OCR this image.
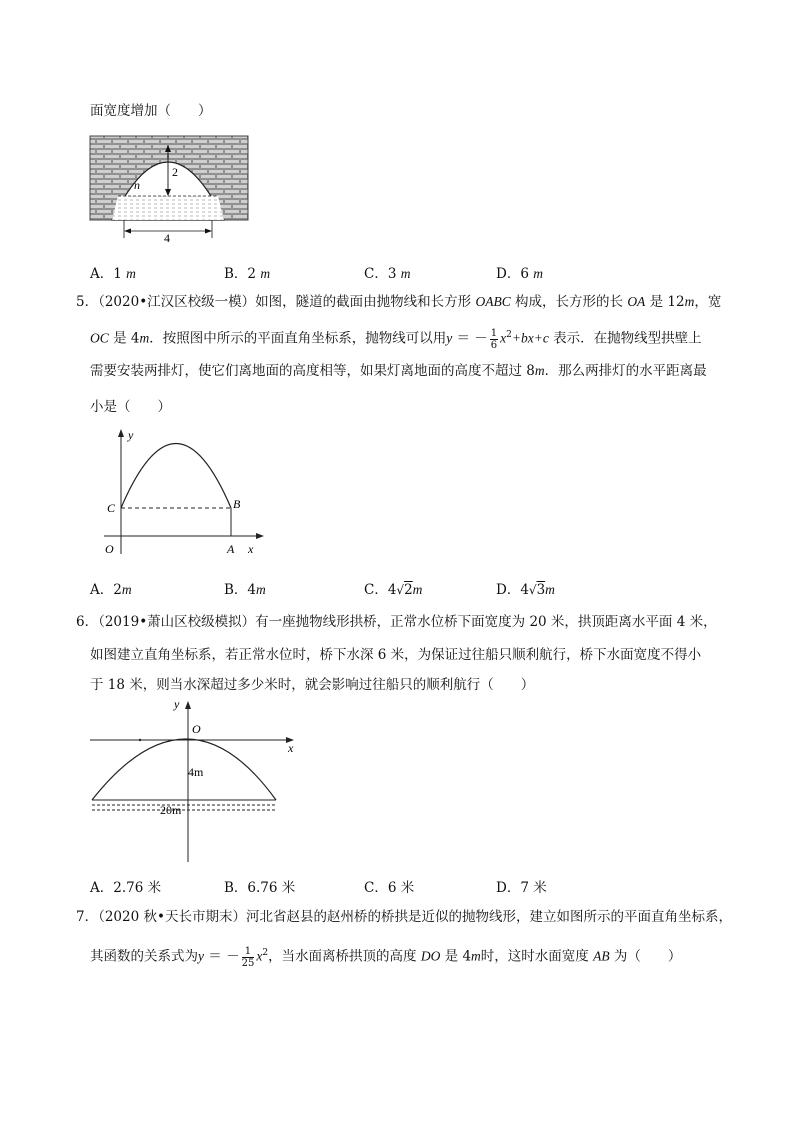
面宽度增加（　　）
2
n
4
A．1 m	B．2 m	C．3 m	D．6 m
5．（2020•江汉区校级一模）如图，隧道的截面由抛物线和长方形 OABC 构成，长方形的长 OA 是 12m，宽
OC 是 4m．按照图中所示的平面直角坐标系，抛物线可以用y ＝ － $\frac{1}{6} x^2+bx+c$ 表示．在抛物线型拱壁上
需要安装两排灯，使它们离地面的高度相等，如果灯离地面的高度不超过 8m．那么两排灯的水平距离最
小是（　　）
y
x
O	A
B
C
A．2m	B．4m	C．4√2m	D．4√3m
6．（2019•萧山区校级模拟）有一座抛物线形拱桥，正常水位桥下面宽度为 20 米，拱顶距离水平面 4 米，
如图建立直角坐标系，若正常水位时，桥下水深 6 米，为保证过往船只顺利航行，桥下水面宽度不得小
于 18 米，则当水深超过多少米时，就会影响过往船只的顺利航行（　　）
y
O
x
4m
20m
A．2.76 米	B．6.76 米	C．6 米	D．7 米
7．（2020 秋•天长市期末）河北省赵县的赵州桥的桥拱是近似的抛物线形，建立如图所示的平面直角坐标系，
其函数的关系式为y ＝ － $\frac{1}{25} x^2$，当水面离桥拱顶的高度 DO 是 4m时，这时水面宽度 AB 为（　　）
